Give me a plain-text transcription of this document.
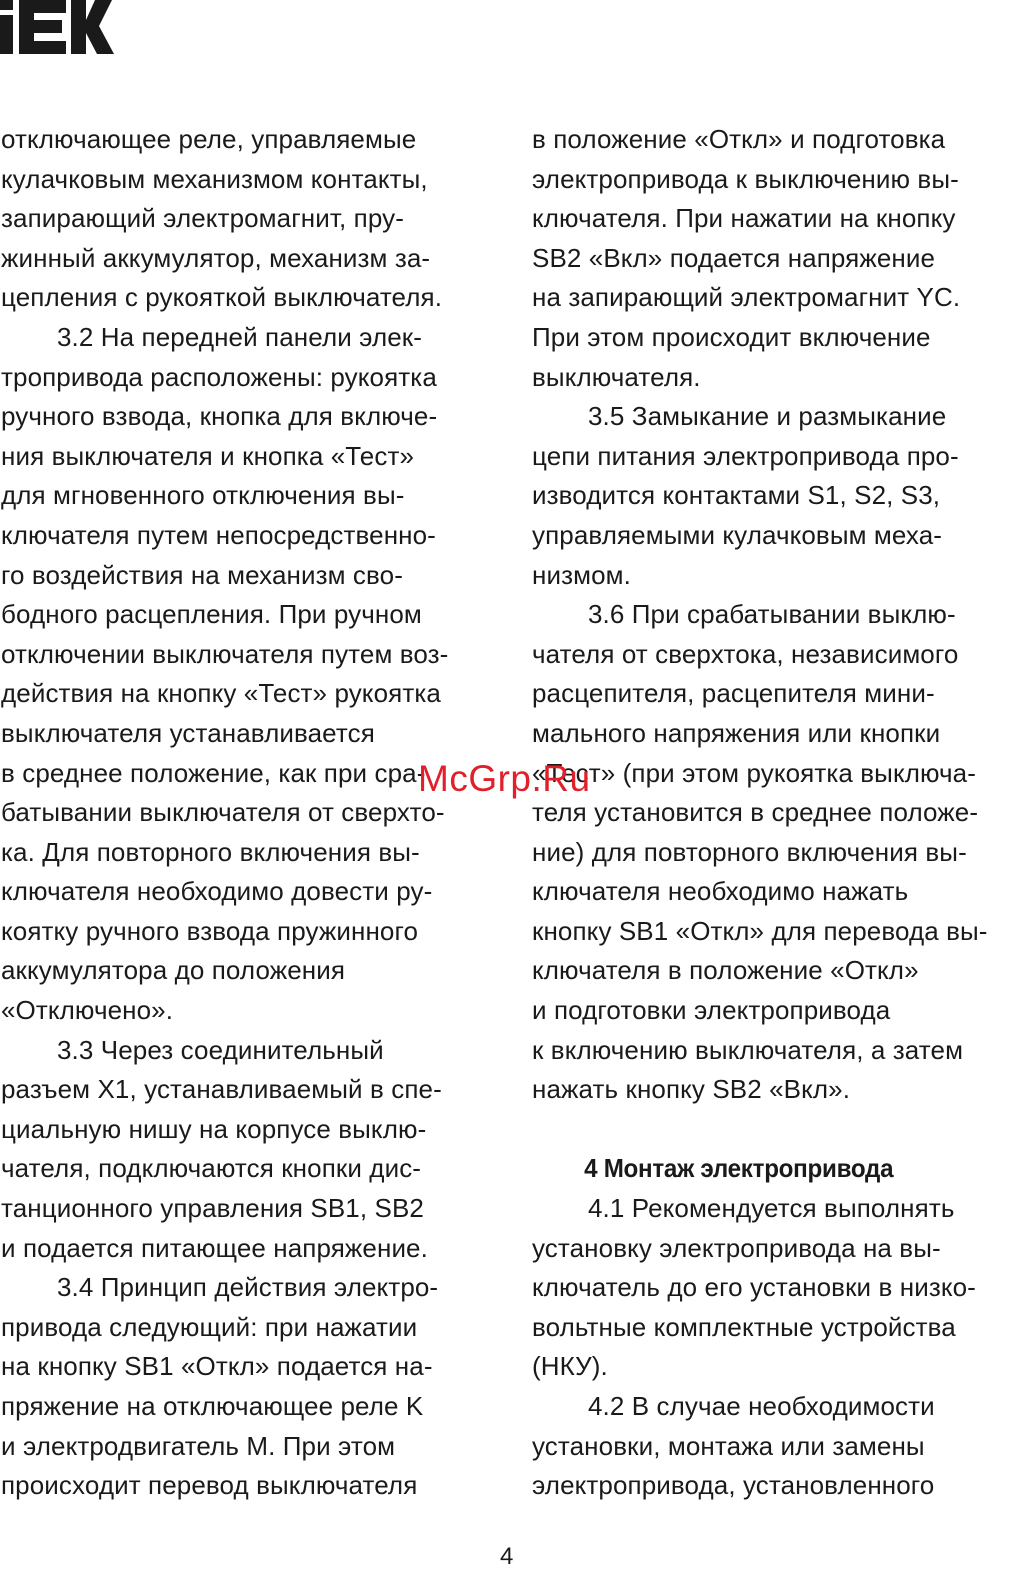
отключающее реле, управляемые
кулачковым механизмом контакты,
запирающий электромагнит, пру-
жинный аккумулятор, механизм за-
цепления с рукояткой выключателя.
3.2 На передней панели элек-
тропривода расположены: рукоятка
ручного взвода, кнопка для включе-
ния выключателя и кнопка «Тест»
для мгновенного отключения вы-
ключателя путем непосредственно-
го воздействия на механизм сво-
бодного расцепления. При ручном
отключении выключателя путем воз-
действия на кнопку «Тест» рукоятка
выключателя устанавливается
в среднее положение, как при сра-
батывании выключателя от сверхто-
ка. Для повторного включения вы-
ключателя необходимо довести ру-
коятку ручного взвода пружинного
аккумулятора до положения
«Отключено».
3.3 Через соединительный
разъем X1, устанавливаемый в спе-
циальную нишу на корпусе выклю-
чателя, подключаются кнопки дис-
танционного управления SB1, SB2
и подается питающее напряжение.
3.4 Принцип действия электро-
привода следующий: при нажатии
на кнопку SB1 «Откл» подается на-
пряжение на отключающее реле K
и электродвигатель M. При этом
происходит перевод выключателя
в положение «Откл» и подготовка
электропривода к выключению вы-
ключателя. При нажатии на кнопку
SB2 «Вкл» подается напряжение
на запирающий электромагнит YC.
При этом происходит включение
выключателя.
3.5 Замыкание и размыкание
цепи питания электропривода про-
изводится контактами S1, S2, S3,
управляемыми кулачковым меха-
низмом.
3.6 При срабатывании выклю-
чателя от сверхтока, независимого
расцепителя, расцепителя мини-
мального напряжения или кнопки
«Тест» (при этом рукоятка выключа-
теля установится в среднее положе-
ние) для повторного включения вы-
ключателя необходимо нажать
кнопку SB1 «Откл» для перевода вы-
ключателя в положение «Откл»
и подготовки электропривода
к включению выключателя, а затем
нажать кнопку SB2 «Вкл».
4 Монтаж электропривода
4.1 Рекомендуется выполнять
установку электропривода на вы-
ключатель до его установки в низко-
вольтные комплектные устройства
(НКУ).
4.2 В случае необходимости
установки, монтажа или замены
электропривода, установленного
McGrp.Ru
4
